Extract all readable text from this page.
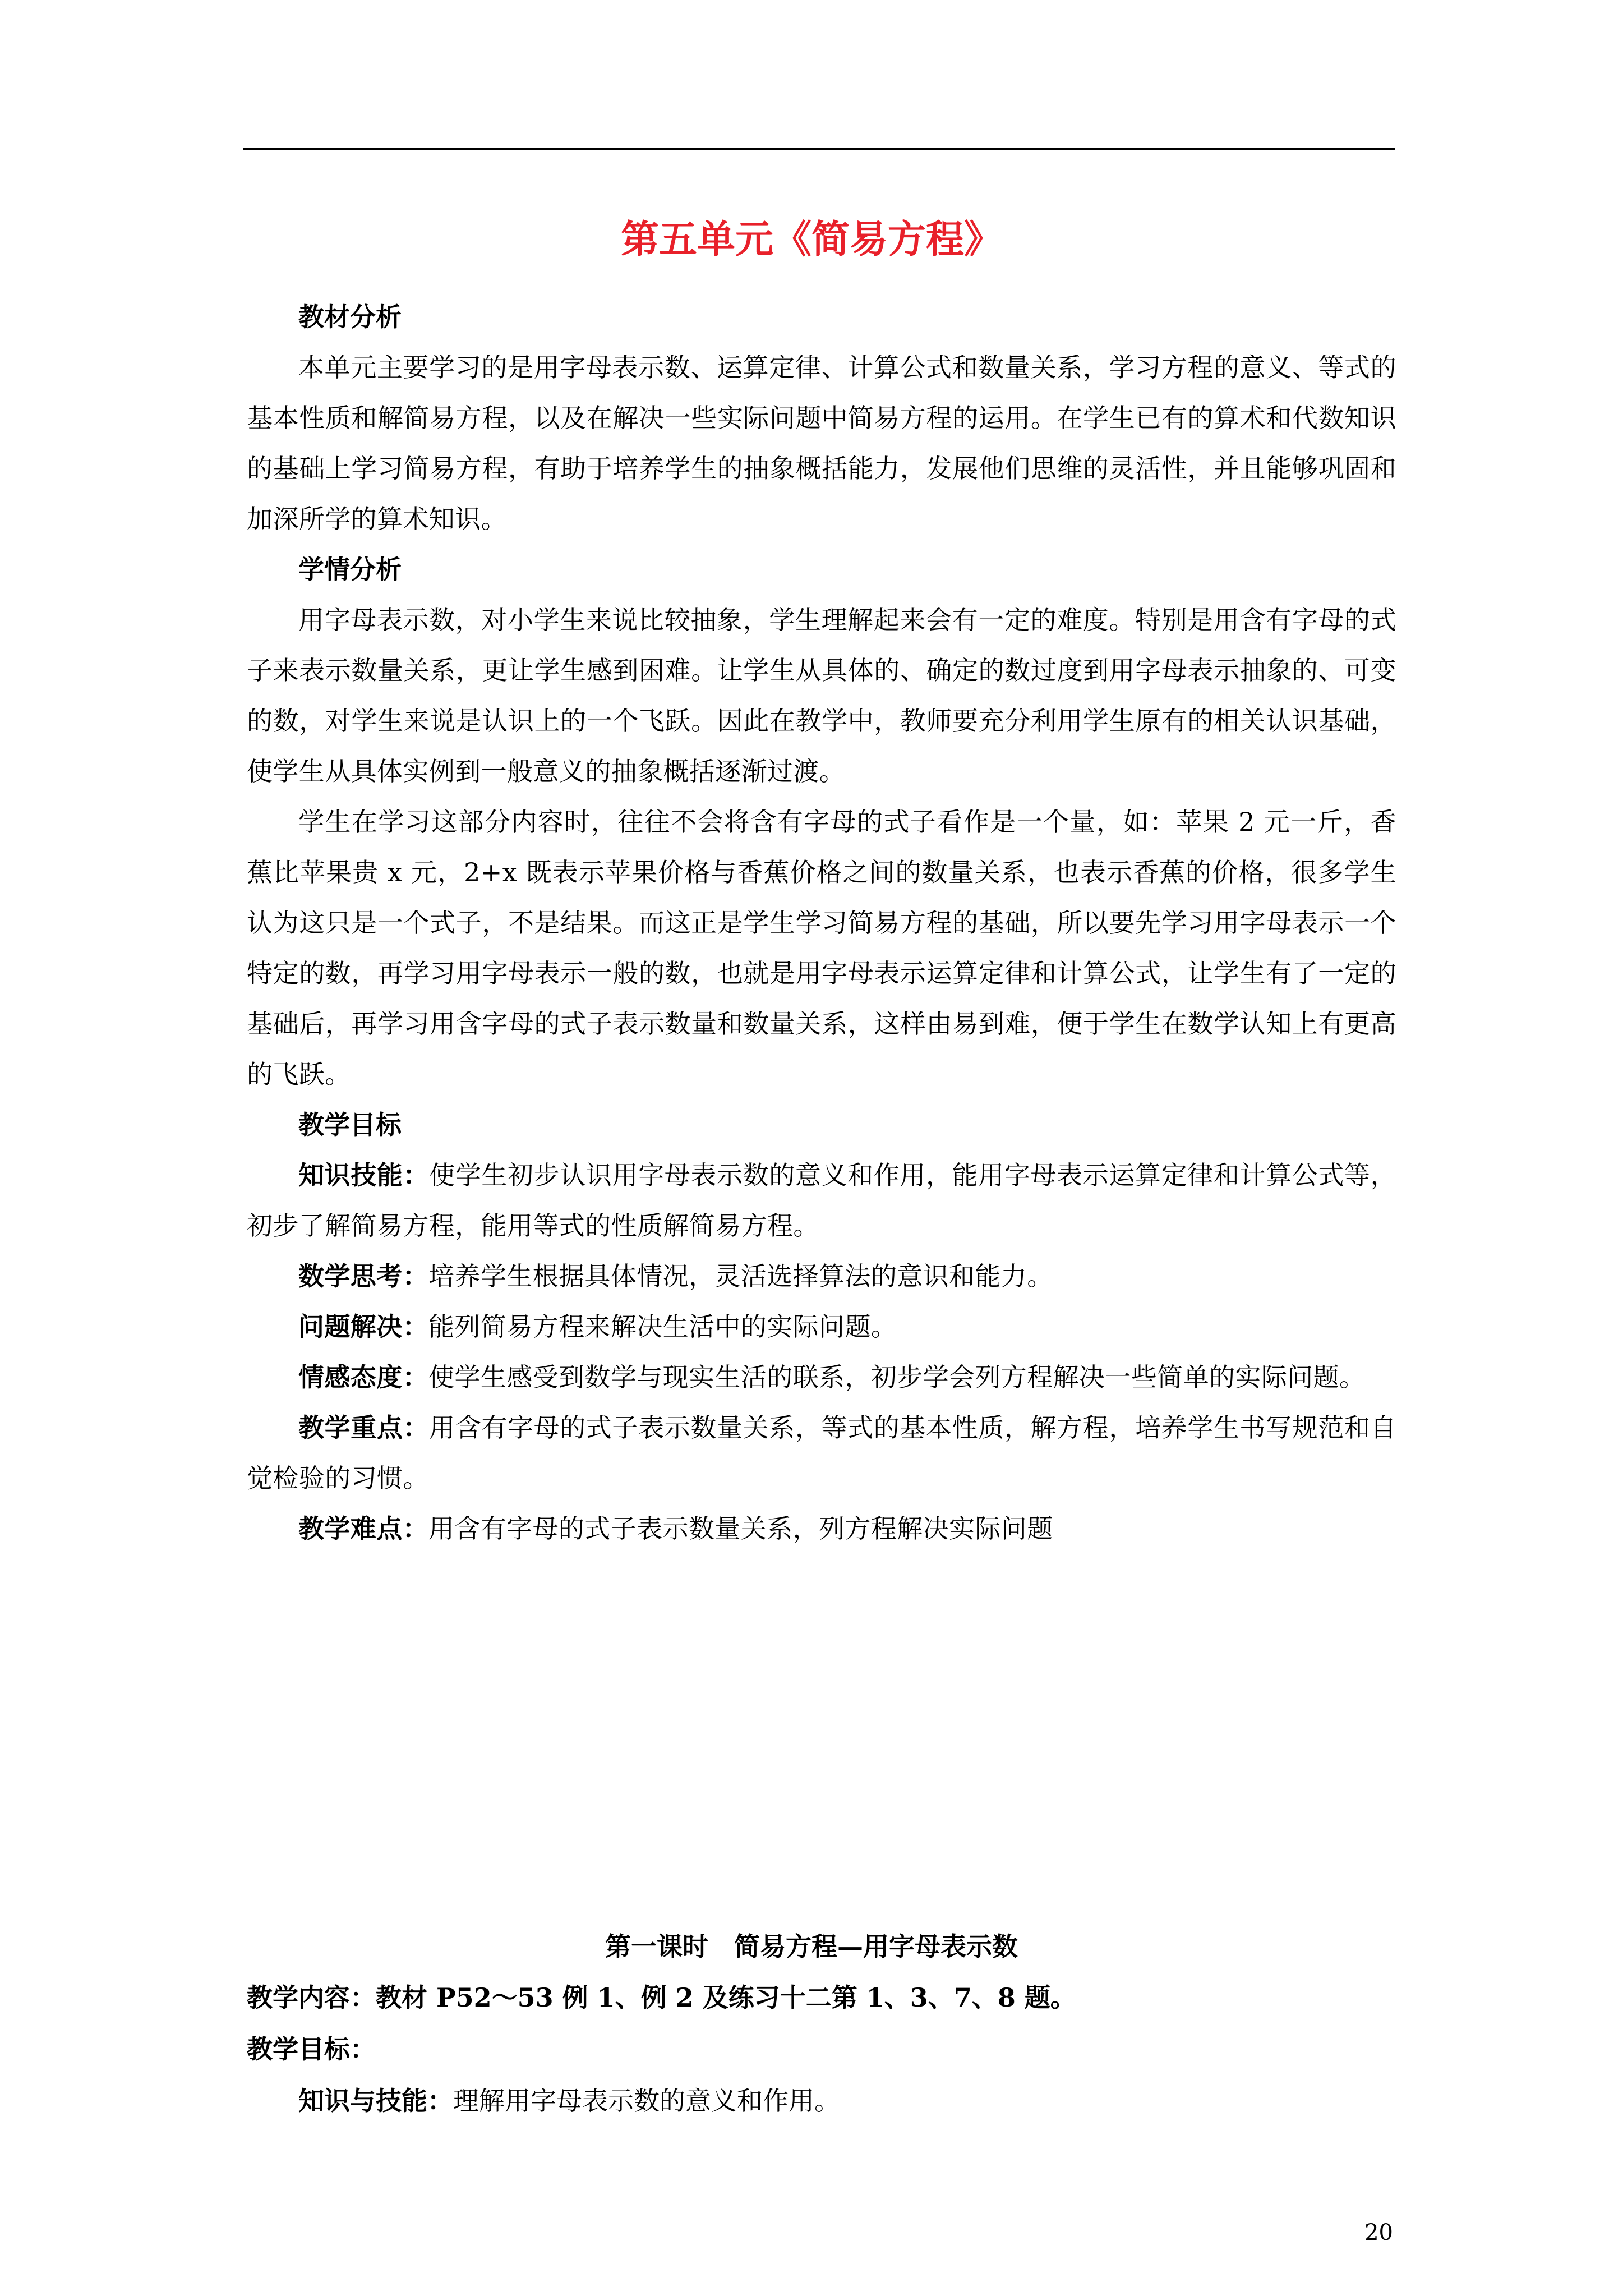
第五单元《简易方程》

教材分析

本单元主要学习的是用字母表示数、运算定律、计算公式和数量关系，学习方程的意义、等式的基本性质和解简易方程，以及在解决一些实际问题中简易方程的运用。在学生已有的算术和代数知识的基础上学习简易方程，有助于培养学生的抽象概括能力，发展他们思维的灵活性，并且能够巩固和加深所学的算术知识。

学情分析

用字母表示数，对小学生来说比较抽象，学生理解起来会有一定的难度。特别是用含有字母的式子来表示数量关系，更让学生感到困难。让学生从具体的、确定的数过度到用字母表示抽象的、可变的数，对学生来说是认识上的一个飞跃。因此在教学中，教师要充分利用学生原有的相关认识基础，使学生从具体实例到一般意义的抽象概括逐渐过渡。

学生在学习这部分内容时，往往不会将含有字母的式子看作是一个量，如：苹果 2 元一斤，香蕉比苹果贵 x 元，2+x 既表示苹果价格与香蕉价格之间的数量关系，也表示香蕉的价格，很多学生认为这只是一个式子，不是结果。而这正是学生学习简易方程的基础，所以要先学习用字母表示一个特定的数，再学习用字母表示一般的数，也就是用字母表示运算定律和计算公式，让学生有了一定的基础后，再学习用含字母的式子表示数量和数量关系，这样由易到难，便于学生在数学认知上有更高的飞跃。

教学目标

知识技能：使学生初步认识用字母表示数的意义和作用，能用字母表示运算定律和计算公式等，初步了解简易方程，能用等式的性质解简易方程。

数学思考：培养学生根据具体情况，灵活选择算法的意识和能力。

问题解决：能列简易方程来解决生活中的实际问题。

情感态度：使学生感受到数学与现实生活的联系，初步学会列方程解决一些简单的实际问题。

教学重点：用含有字母的式子表示数量关系，等式的基本性质，解方程，培养学生书写规范和自觉检验的习惯。

教学难点：用含有字母的式子表示数量关系，列方程解决实际问题

第一课时　简易方程—用字母表示数

教学内容：教材 P52～53 例 1、例 2 及练习十二第 1、3、7、8 题。

教学目标：

知识与技能：理解用字母表示数的意义和作用。

20
